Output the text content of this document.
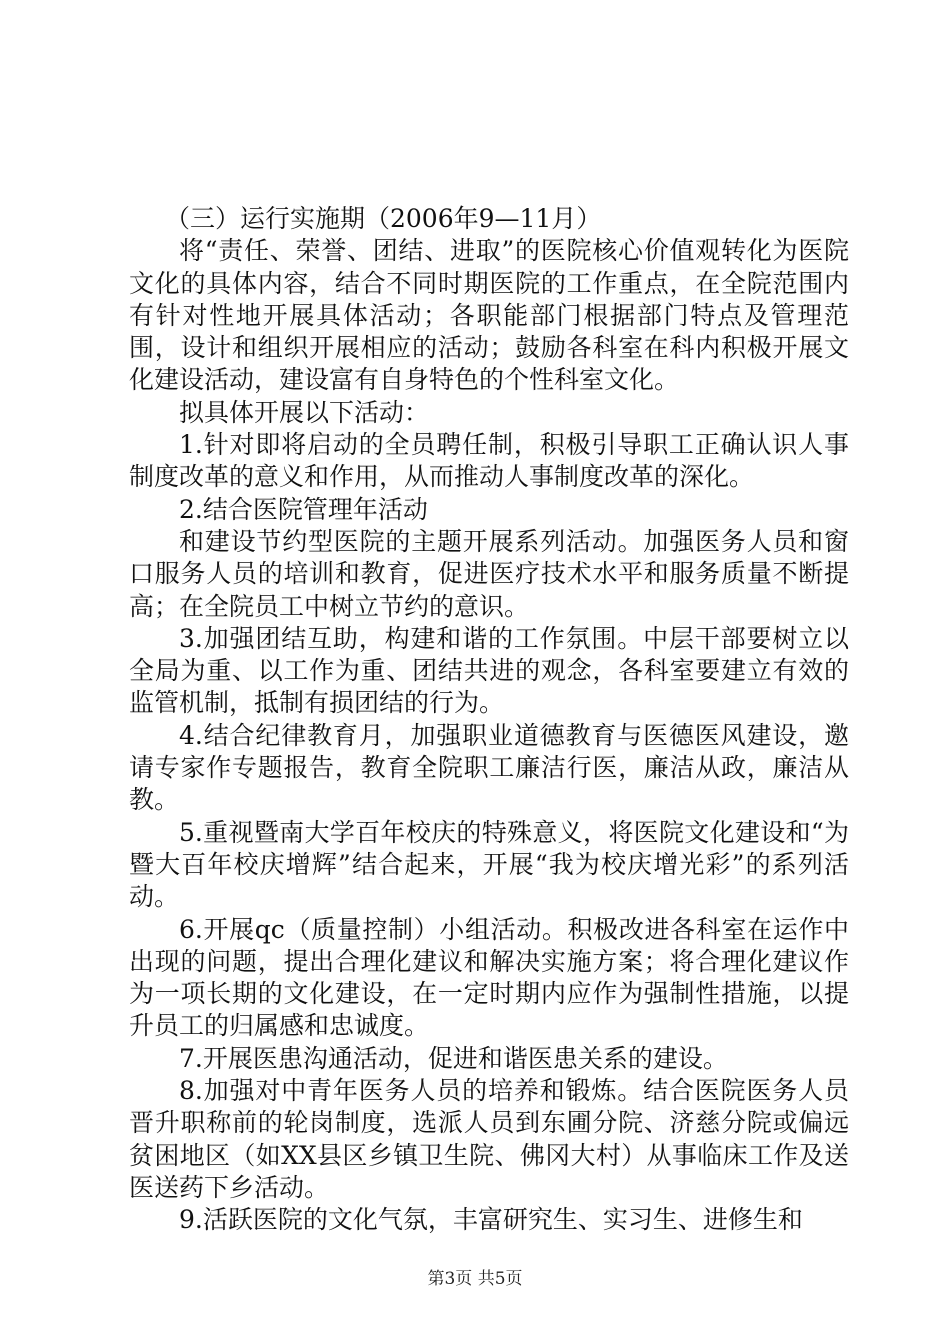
（三）运行实施期（2006年9—11月）

将“责任、荣誉、团结、进取”的医院核心价值观转化为医院文化的具体内容，结合不同时期医院的工作重点，在全院范围内有针对性地开展具体活动；各职能部门根据部门特点及管理范围，设计和组织开展相应的活动；鼓励各科室在科内积极开展文化建设活动，建设富有自身特色的个性科室文化。

拟具体开展以下活动：

1.针对即将启动的全员聘任制，积极引导职工正确认识人事制度改革的意义和作用，从而推动人事制度改革的深化。

2.结合医院管理年活动

和建设节约型医院的主题开展系列活动。加强医务人员和窗口服务人员的培训和教育，促进医疗技术水平和服务质量不断提高；在全院员工中树立节约的意识。

3.加强团结互助，构建和谐的工作氛围。中层干部要树立以全局为重、以工作为重、团结共进的观念，各科室要建立有效的监管机制，抵制有损团结的行为。

4.结合纪律教育月，加强职业道德教育与医德医风建设，邀请专家作专题报告，教育全院职工廉洁行医，廉洁从政，廉洁从教。

5.重视暨南大学百年校庆的特殊意义，将医院文化建设和“为暨大百年校庆增辉”结合起来，开展“我为校庆增光彩”的系列活动。

6.开展qc（质量控制）小组活动。积极改进各科室在运作中出现的问题，提出合理化建议和解决实施方案；将合理化建议作为一项长期的文化建设，在一定时期内应作为强制性措施，以提升员工的归属感和忠诚度。

7.开展医患沟通活动，促进和谐医患关系的建设。

8.加强对中青年医务人员的培养和锻炼。结合医院医务人员晋升职称前的轮岗制度，选派人员到东圃分院、济慈分院或偏远贫困地区（如XX县区乡镇卫生院、佛冈大村）从事临床工作及送医送药下乡活动。

9.活跃医院的文化气氛，丰富研究生、实习生、进修生和

第3页 共5页
